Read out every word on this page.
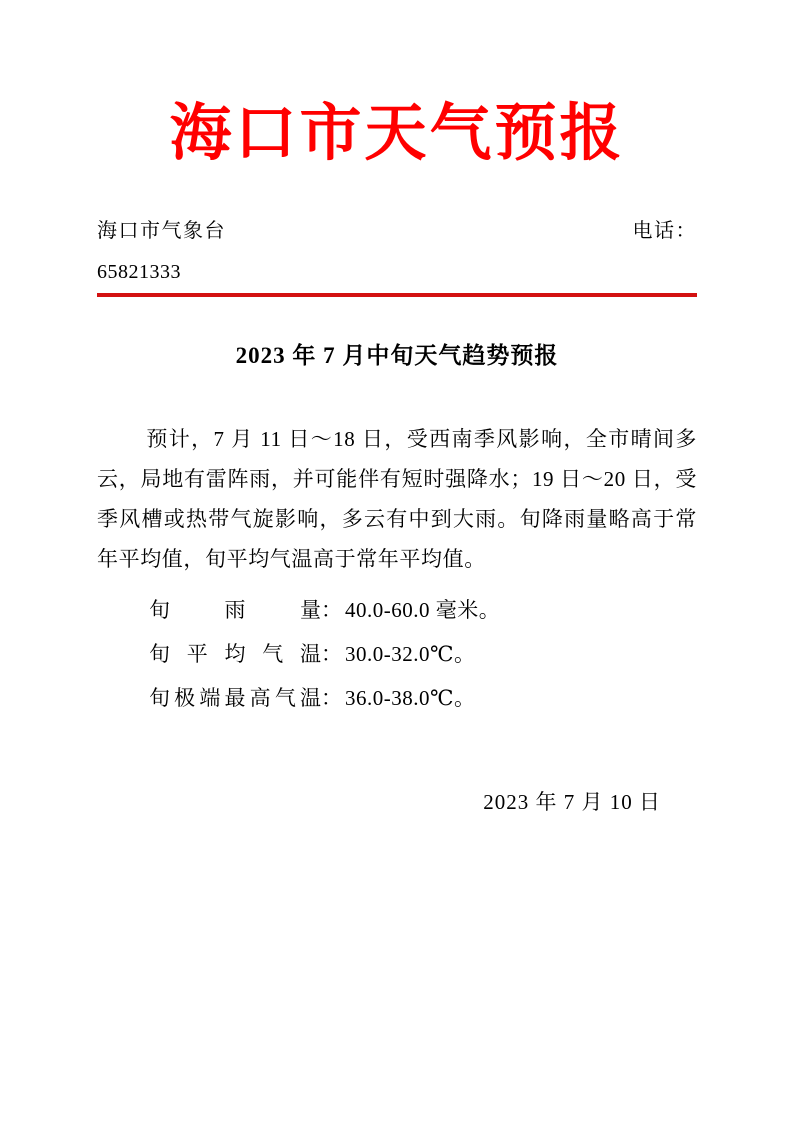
海口市天气预报
海口市气象台	电话：
65821333
2023 年 7 月中旬天气趋势预报
预计，7 月 11 日～18 日，受西南季风影响，全市晴间多云，局地有雷阵雨，并可能伴有短时强降水；19 日～20 日，受季风槽或热带气旋影响，多云有中到大雨。旬降雨量略高于常年平均值，旬平均气温高于常年平均值。
旬雨量： 40.0-60.0 毫米。
旬平均气温： 30.0-32.0℃。
旬极端最高气温： 36.0-38.0℃。
2023 年 7 月 10 日
